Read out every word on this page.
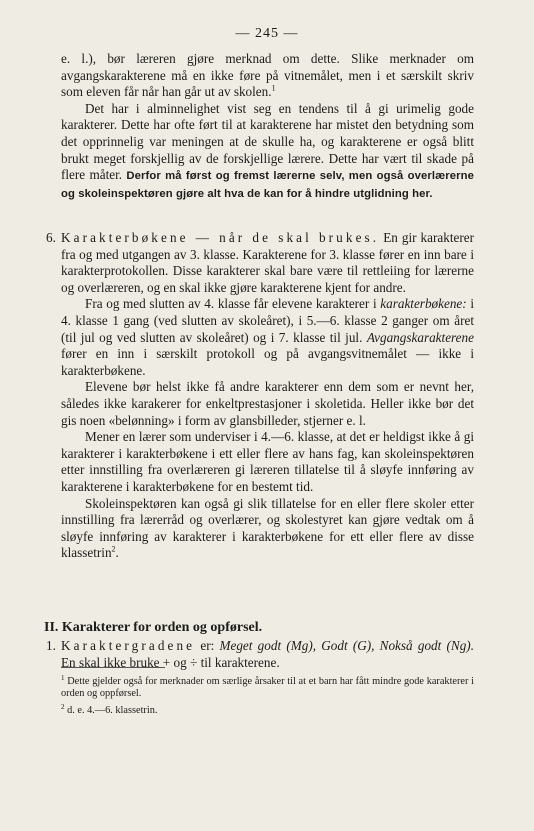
— 245 —

e. l.), bør læreren gjøre merknad om dette. Slike merknader om avgangskarakterene må en ikke føre på vitnemålet, men i et særskilt skriv som eleven får når han går ut av skolen.$^1$

Det har i alminnelighet vist seg en tendens til å gi urimelig gode karakterer. Dette har ofte ført til at karakterene har mistet den betydning som det opprinnelig var meningen at de skulle ha, og karakterene er også blitt brukt meget forskjellig av de forskjellige lærere. Dette har vært til skade på flere måter. Derfor må først og fremst lærerne selv, men også overlærerne og skoleinspektøren gjøre alt hva de kan for å hindre utglidning her.

6. Karakterbøkene — når de skal brukes. En gir karakterer fra og med utgangen av 3. klasse. Karakterene for 3. klasse fører en inn bare i karakterprotokollen. Disse karakterer skal bare være til rettleiing for lærerne og overlæreren, og en skal ikke gjøre karakterene kjent for andre.

Fra og med slutten av 4. klasse får elevene karakterer i karakterbøkene: i 4. klasse 1 gang (ved slutten av skoleåret), i 5.—6. klasse 2 ganger om året (til jul og ved slutten av skoleåret) og i 7. klasse til jul. Avgangskarakterene fører en inn i særskilt protokoll og på avgangsvitnemålet — ikke i karakterbøkene.

Elevene bør helst ikke få andre karakterer enn dem som er nevnt her, således ikke karakerer for enkeltprestasjoner i skoletida. Heller ikke bør det gis noen «belønning» i form av glansbilleder, stjerner e. l.

Mener en lærer som underviser i 4.—6. klasse, at det er heldigst ikke å gi karakterer i karakterbøkene i ett eller flere av hans fag, kan skoleinspektøren etter innstilling fra overlæreren gi læreren tillatelse til å sløyfe innføring av karakterene i karakterbøkene for en bestemt tid.

Skoleinspektøren kan også gi slik tillatelse for en eller flere skoler etter innstilling fra lærerråd og overlærer, og skolestyret kan gjøre vedtak om å sløyfe innføring av karakterer i karakterbøkene for ett eller flere av disse klassetrin$^2$.

II. Karakterer for orden og opførsel.
1. Karaktergradene er: Meget godt (Mg), Godt (G), Nokså godt (Ng). En skal ikke bruke + og ÷ til karakterene.

$^1$ Dette gjelder også for merknader om særlige årsaker til at et barn har fått mindre gode karakterer i orden og oppførsel.

$^2$ d. e. 4.—6. klassetrin.
